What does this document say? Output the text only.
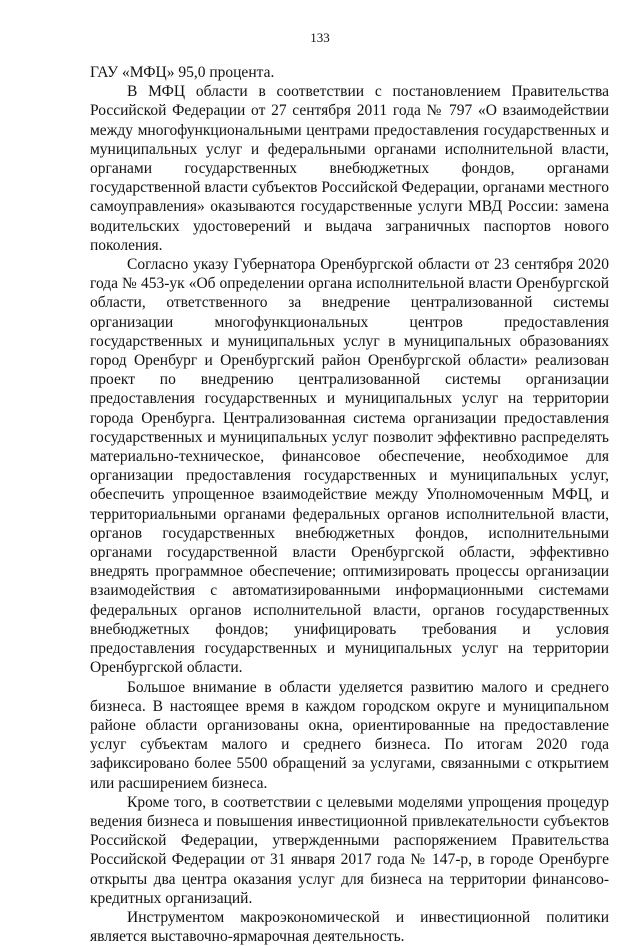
133

ГАУ «МФЦ» 95,0 процента.

В МФЦ области в соответствии с постановлением Правительства Российской Федерации от 27 сентября 2011 года № 797 «О взаимодействии между многофункциональными центрами предоставления государственных и муниципальных услуг и федеральными органами исполнительной власти, органами государственных внебюджетных фондов, органами государственной власти субъектов Российской Федерации, органами местного самоуправления» оказываются государственные услуги МВД России: замена водительских удостоверений и выдача заграничных паспортов нового поколения.

Согласно указу Губернатора Оренбургской области от 23 сентября 2020 года № 453-ук «Об определении органа исполнительной власти Оренбургской области, ответственного за внедрение централизованной системы организации многофункциональных центров предоставления государственных и муниципальных услуг в муниципальных образованиях город Оренбург и Оренбургский район Оренбургской области» реализован проект по внедрению централизованной системы организации предоставления государственных и муниципальных услуг на территории города Оренбурга. Централизованная система организации предоставления государственных и муниципальных услуг позволит эффективно распределять материально-техническое, финансовое обеспечение, необходимое для организации предоставления государственных и муниципальных услуг, обеспечить упрощенное взаимодействие между Уполномоченным МФЦ, и территориальными органами федеральных органов исполнительной власти, органов государственных внебюджетных фондов, исполнительными органами государственной власти Оренбургской области, эффективно внедрять программное обеспечение; оптимизировать процессы организации взаимодействия с автоматизированными информационными системами федеральных органов исполнительной власти, органов государственных внебюджетных фондов; унифицировать требования и условия предоставления государственных и муниципальных услуг на территории Оренбургской области.

Большое внимание в области уделяется развитию малого и среднего бизнеса. В настоящее время в каждом городском округе и муниципальном районе области организованы окна, ориентированные на предоставление услуг субъектам малого и среднего бизнеса. По итогам 2020 года зафиксировано более 5500 обращений за услугами, связанными с открытием или расширением бизнеса.

Кроме того, в соответствии с целевыми моделями упрощения процедур ведения бизнеса и повышения инвестиционной привлекательности субъектов Российской Федерации, утвержденными распоряжением Правительства Российской Федерации от 31 января 2017 года № 147-р, в городе Оренбурге открыты два центра оказания услуг для бизнеса на территории финансово-кредитных организаций.

Инструментом макроэкономической и инвестиционной политики является выставочно-ярмарочная деятельность.
